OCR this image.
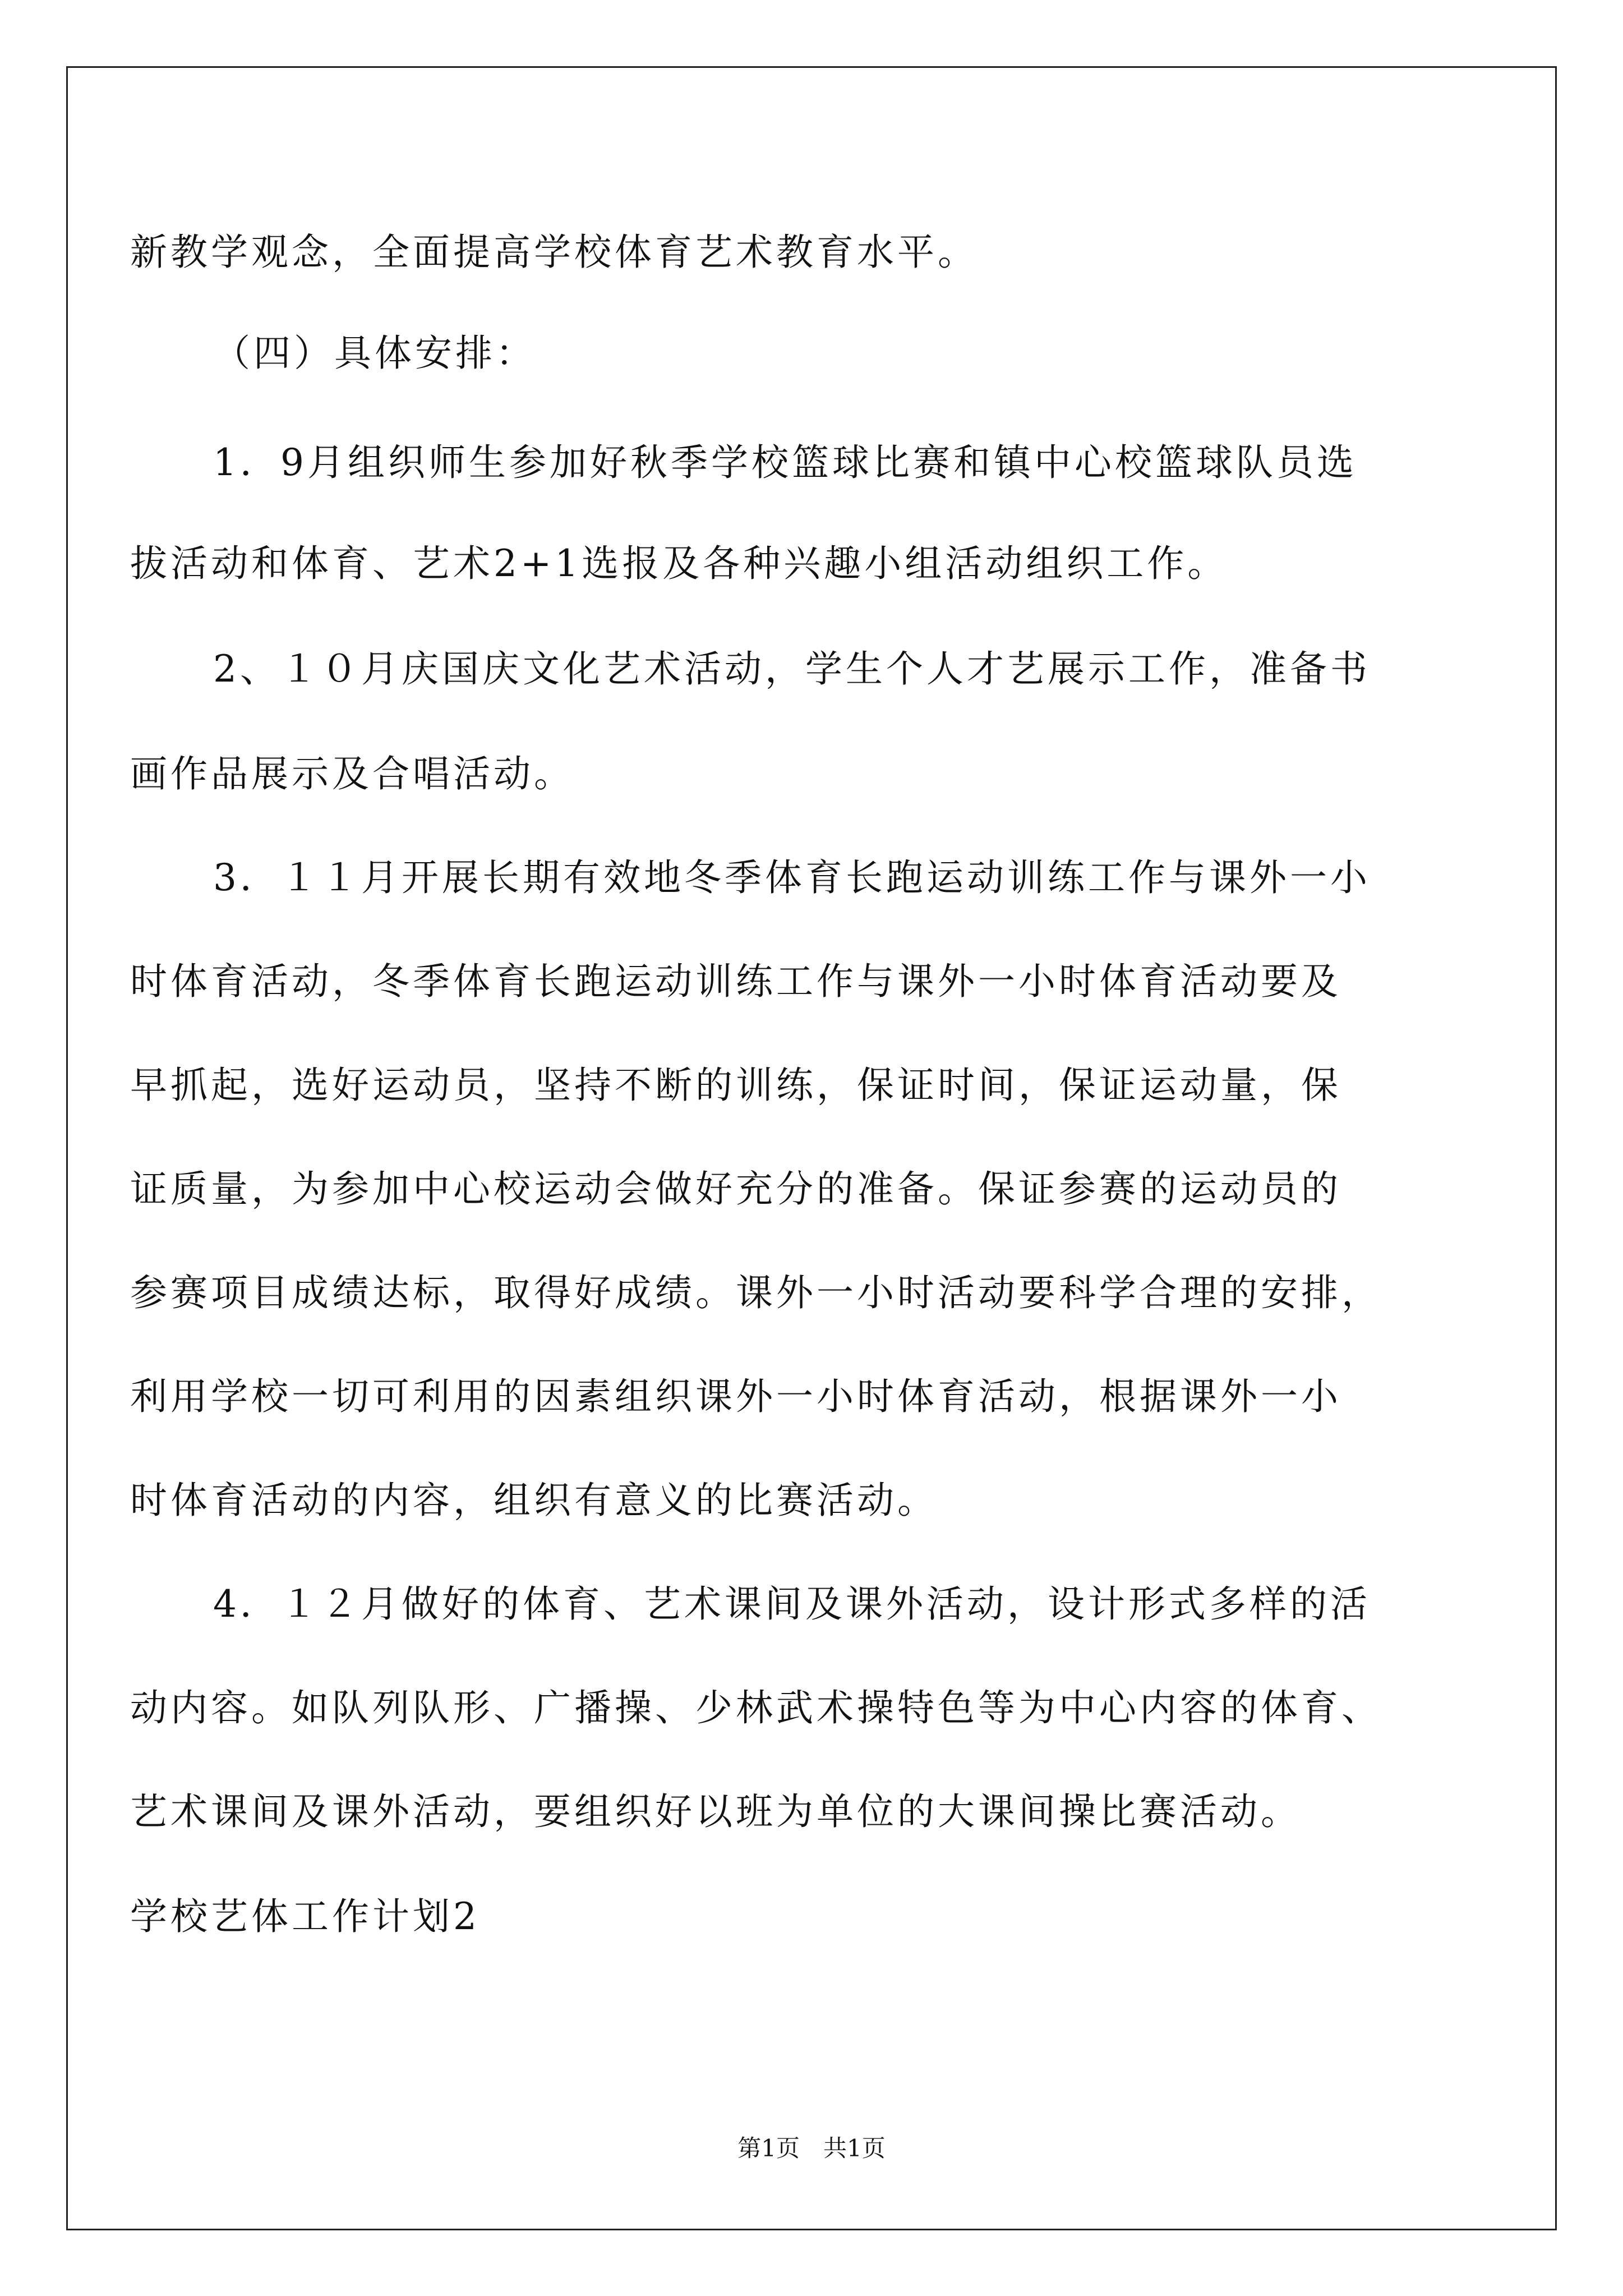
新教学观念，全面提高学校体育艺术教育水平。

（四）具体安排：

1．9月组织师生参加好秋季学校篮球比赛和镇中心校篮球队员选

拔活动和体育、艺术2+1选报及各种兴趣小组活动组织工作。

2、１０月庆国庆文化艺术活动，学生个人才艺展示工作，准备书

画作品展示及合唱活动。

3．１１月开展长期有效地冬季体育长跑运动训练工作与课外一小

时体育活动，冬季体育长跑运动训练工作与课外一小时体育活动要及

早抓起，选好运动员，坚持不断的训练，保证时间，保证运动量，保

证质量，为参加中心校运动会做好充分的准备。保证参赛的运动员的

参赛项目成绩达标，取得好成绩。课外一小时活动要科学合理的安排，

利用学校一切可利用的因素组织课外一小时体育活动，根据课外一小

时体育活动的内容，组织有意义的比赛活动。

4．１２月做好的体育、艺术课间及课外活动，设计形式多样的活

动内容。如队列队形、广播操、少林武术操特色等为中心内容的体育、

艺术课间及课外活动，要组织好以班为单位的大课间操比赛活动。

学校艺体工作计划2

第1页　共1页
